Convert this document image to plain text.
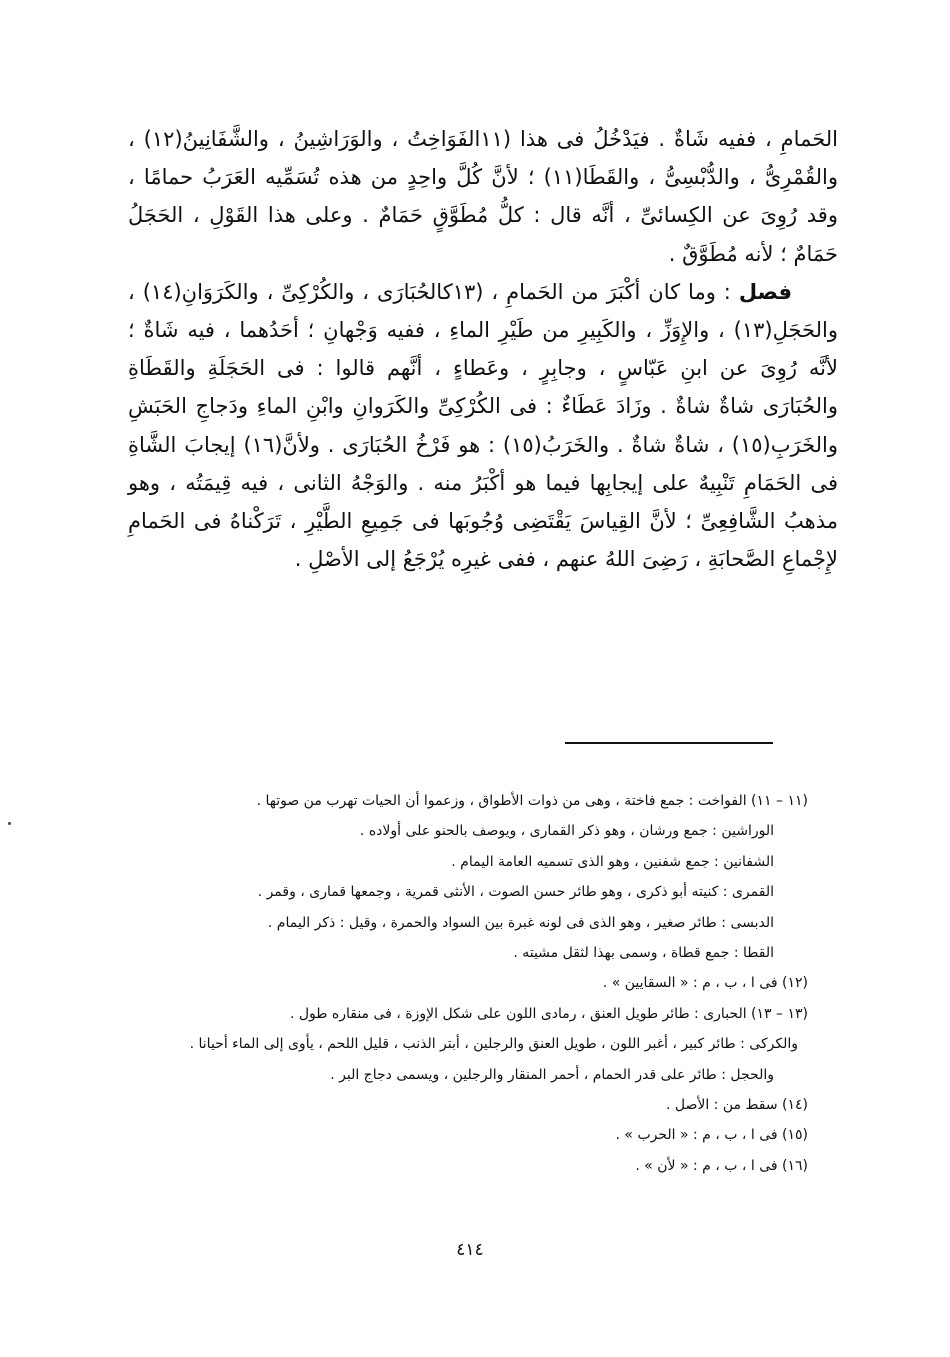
الحَمامِ ، ففيه شَاةٌ . فيَدْخُلُ فى هذا (١١الفَوَاخِتُ ، والوَرَاشِينُ ، والشَّفَانِينُ(١٢) ، والقُمْرِىُّ ، والدُّبْسِىُّ ، والقَطَا(١١) ؛ لأنَّ كُلَّ واحِدٍ من هذه تُسَمِّيه العَرَبُ حمامًا ، وقد رُوِىَ عن الكِسائىِّ ، أنَّه قال : كلُّ مُطَوَّقٍ حَمَامٌ . وعلى هذا القَوْلِ ، الحَجَلُ حَمَامٌ ؛ لأنه مُطَوَّقٌ .

فصل : وما كان أكْبَرَ من الحَمامِ ، (١٣كالحُبَارَى ، والكُرْكِىِّ ، والكَرَوَانِ(١٤) ، والحَجَلِ(١٣) ، والإِوَزِّ ، والكَبِيرِ من طَيْرِ الماءِ ، ففيه وَجْهانِ ؛ أحَدُهما ، فيه شَاةٌ ؛ لأنَّه رُوِىَ عن ابنِ عَبّاسٍ ، وجابِرٍ ، وعَطاءٍ ، أنَّهم قالوا : فى الحَجَلَةِ والقَطَاةِ والحُبَارَى شاةٌ شاةٌ . وزَادَ عَطَاءٌ : فى الكُرْكِىِّ والكَرَوانِ وابْنِ الماءِ ودَجاجِ الحَبَشِ والخَرَبِ(١٥) ، شاةٌ شاةٌ . والخَرَبُ(١٥) : هو فَرْخُ الحُبَارَى . ولأنَّ(١٦) إيجابَ الشَّاةِ فى الحَمَامِ تَنْبِيهٌ على إيجابِها فيما هو أكْبَرُ منه . والوَجْهُ الثانى ، فيه قِيمَتُه ، وهو مذهبُ الشَّافِعِىِّ ؛ لأنَّ القِياسَ يَقْتَضِى وُجُوبَها فى جَمِيعِ الطَّيْرِ ، تَرَكْناهُ فى الحَمامِ لإِجْماعِ الصَّحابَةِ ، رَضِىَ اللهُ عنهم ، ففى غيرِه يُرْجَعُ إلى الأصْلِ .

(١١ – ١١) الفواخت : جمع فاختة ، وهى من ذوات الأطواق ، وزعموا أن الحيات تهرب من صوتها .
الوراشين : جمع ورشان ، وهو ذكر القمارى ، ويوصف بالحنو على أولاده .
الشفانين : جمع شفنين ، وهو الذى تسميه العامة اليمام .
القمرى : كنيته أبو ذكرى ، وهو طائر حسن الصوت ، الأنثى قمرية ، وجمعها قمارى ، وقمر .
الدبسى : طائر صغير ، وهو الذى فى لونه غبرة بين السواد والحمرة ، وقيل : ذكر اليمام .
القطا : جمع قطاة ، وسمى بهذا لثقل مشيته .
(١٢) فى ا ، ب ، م : « السقايين » .
(١٣ – ١٣) الحبارى : طائر طويل العنق ، رمادى اللون على شكل الإوزة ، فى منقاره طول .
والكركى : طائر كبير ، أغبر اللون ، طويل العنق والرجلين ، أبتر الذنب ، قليل اللحم ، يأوى إلى الماء أحيانا .
والحجل : طائر على قدر الحمام ، أحمر المنقار والرجلين ، ويسمى دجاج البر .
(١٤) سقط من : الأصل .
(١٥) فى ا ، ب ، م : « الحرب » .
(١٦) فى ا ، ب ، م : « لأن » .
٤١٤
